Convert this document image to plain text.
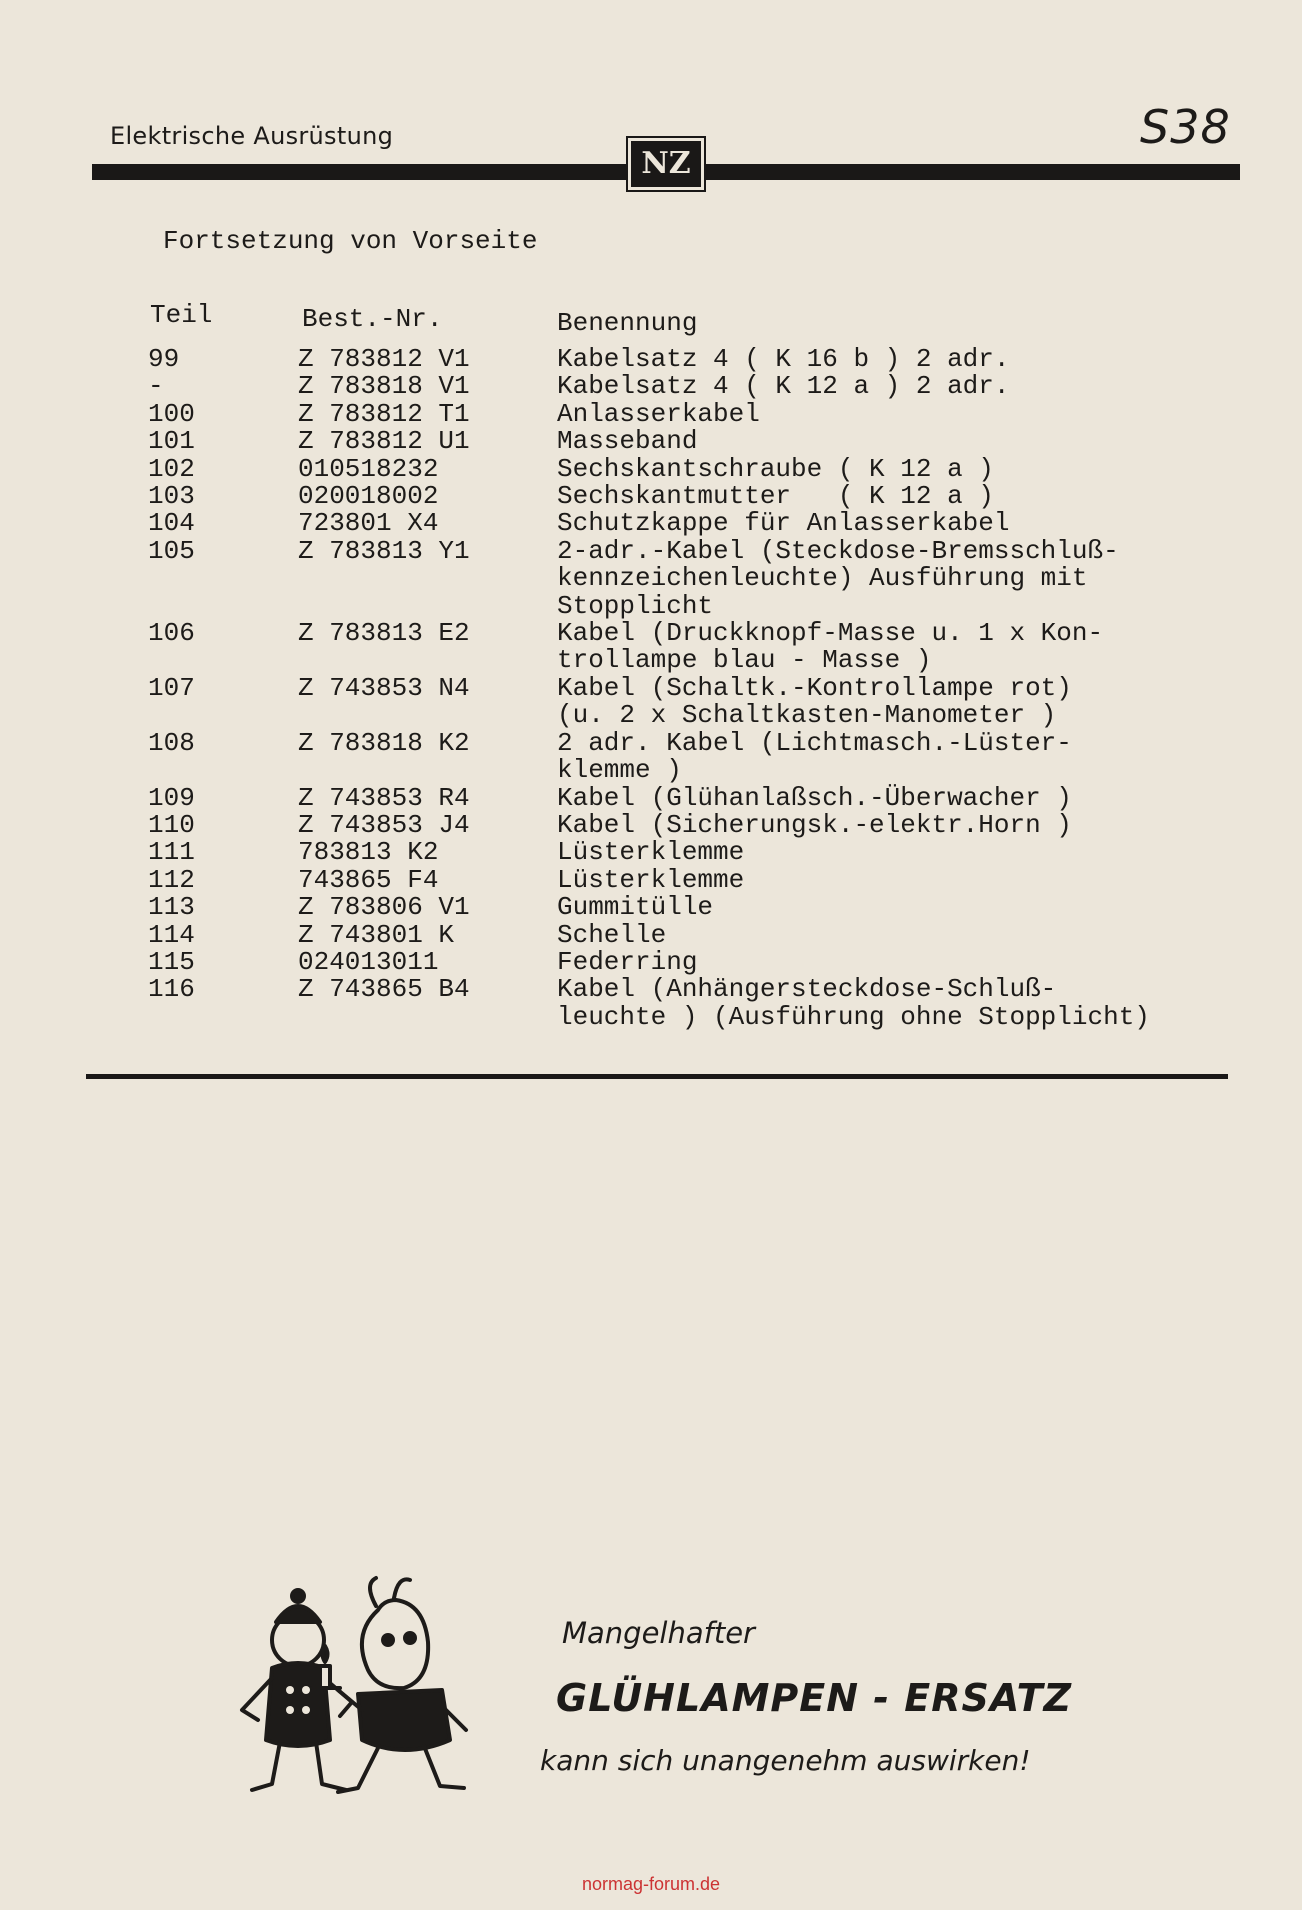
Elektrische Ausrüstung	S38
NZ
Fortsetzung von Vorseite
Teil	Best.-Nr.	Benennung
99	Z 783812 V1	Kabelsatz 4 ( K 16 b ) 2 adr.
-	Z 783818 V1	Kabelsatz 4 ( K 12 a ) 2 adr.
100	Z 783812 T1	Anlasserkabel
101	Z 783812 U1	Masseband
102	010518232	Sechskantschraube ( K 12 a )
103	020018002	Sechskantmutter   ( K 12 a )
104	723801 X4	Schutzkappe für Anlasserkabel
105	Z 783813 Y1	2-adr.-Kabel (Steckdose-Bremsschluß-
kennzeichenleuchte) Ausführung mit
Stopplicht
106	Z 783813 E2	Kabel (Druckknopf-Masse u. 1 x Kon-
trollampe blau - Masse )
107	Z 743853 N4	Kabel (Schaltk.-Kontrollampe rot)
(u. 2 x Schaltkasten-Manometer )
108	Z 783818 K2	2 adr. Kabel (Lichtmasch.-Lüster-
klemme )
109	Z 743853 R4	Kabel (Glühanlaßsch.-Überwacher )
110	Z 743853 J4	Kabel (Sicherungsk.-elektr.Horn )
111	783813 K2	Lüsterklemme
112	743865 F4	Lüsterklemme
113	Z 783806 V1	Gummitülle
114	Z 743801 K	Schelle
115	024013011	Federring
116	Z 743865 B4	Kabel (Anhängersteckdose-Schluß-
leuchte ) (Ausführung ohne Stopplicht)
Mangelhafter
GLÜHLAMPEN - ERSATZ
kann sich unangenehm auswirken!
normag-forum.de
